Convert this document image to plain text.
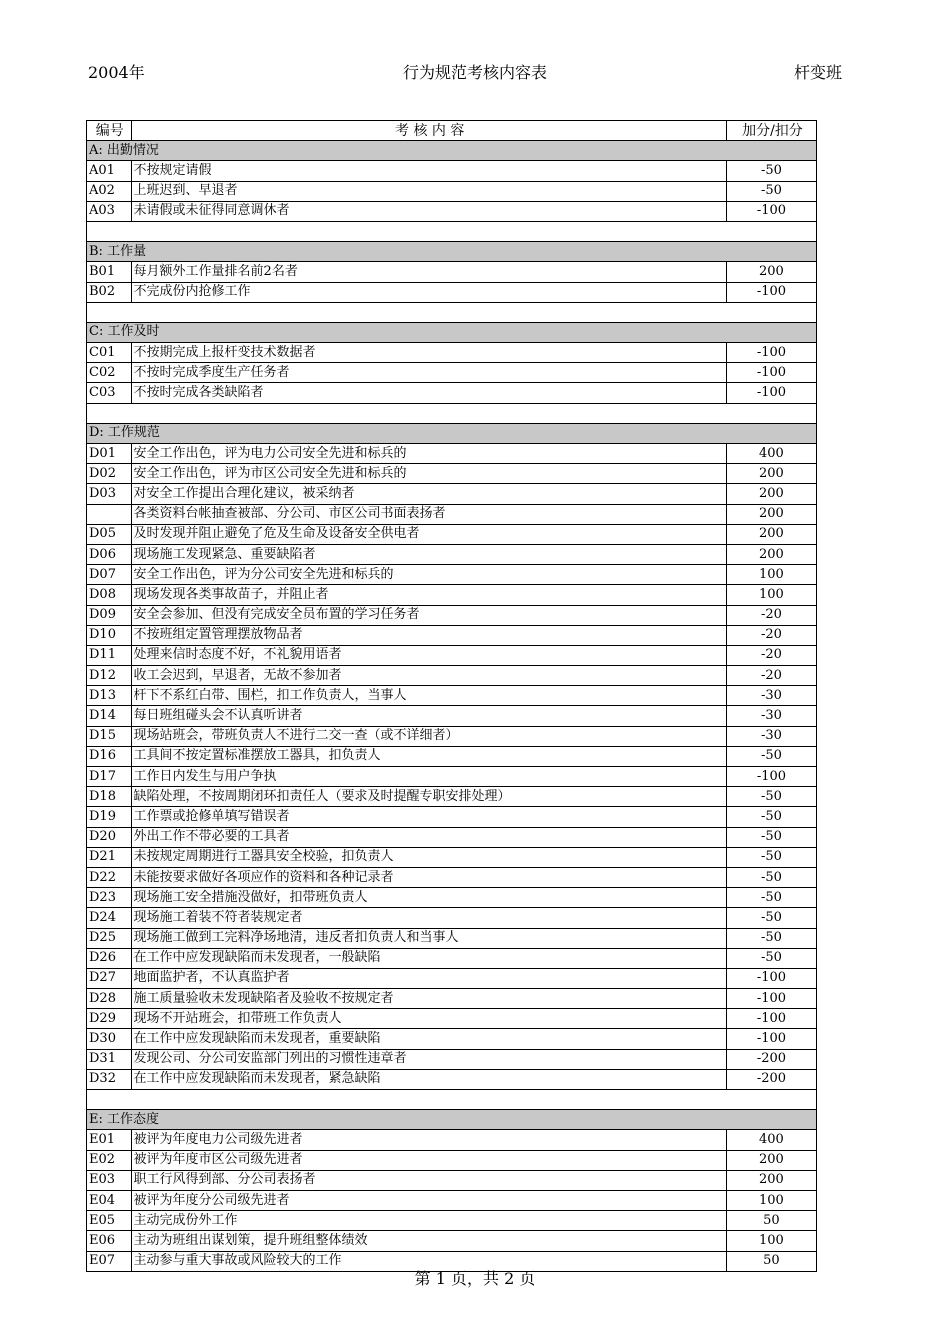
2004年	行为规范考核内容表	杆变班
编号	考 核 内 容	加分/扣分
A: 出勤情况		
A01	不按规定请假	-50
A02	上班迟到、早退者	-50
A03	未请假或未征得同意调休者	-100

B: 工作量		
B01	每月额外工作量排名前2名者	200
B02	不完成份内抢修工作	-100

C: 工作及时		
C01	不按期完成上报杆变技术数据者	-100
C02	不按时完成季度生产任务者	-100
C03	不按时完成各类缺陷者	-100

D: 工作规范		
D01	安全工作出色，评为电力公司安全先进和标兵的	400
D02	安全工作出色，评为市区公司安全先进和标兵的	200
D03	对安全工作提出合理化建议，被采纳者	200
	各类资料台帐抽查被部、分公司、市区公司书面表扬者	200
D05	及时发现并阻止避免了危及生命及设备安全供电者	200
D06	现场施工发现紧急、重要缺陷者	200
D07	安全工作出色，评为分公司安全先进和标兵的	100
D08	现场发现各类事故苗子，并阻止者	100
D09	安全会参加、但没有完成安全员布置的学习任务者	-20
D10	不按班组定置管理摆放物品者	-20
D11	处理来信时态度不好，不礼貌用语者	-20
D12	收工会迟到，早退者，无故不参加者	-20
D13	杆下不系红白带、围栏，扣工作负责人，当事人	-30
D14	每日班组碰头会不认真听讲者	-30
D15	现场站班会，带班负责人不进行二交一查（或不详细者）	-30
D16	工具间不按定置标准摆放工器具，扣负责人	-50
D17	工作日内发生与用户争执	-100
D18	缺陷处理，不按周期闭环扣责任人（要求及时提醒专职安排处理）	-50
D19	工作票或抢修单填写错误者	-50
D20	外出工作不带必要的工具者	-50
D21	未按规定周期进行工器具安全校验，扣负责人	-50
D22	未能按要求做好各项应作的资料和各种记录者	-50
D23	现场施工安全措施没做好，扣带班负责人	-50
D24	现场施工着装不符者装规定者	-50
D25	现场施工做到工完料净场地清，违反者扣负责人和当事人	-50
D26	在工作中应发现缺陷而未发现者，一般缺陷	-50
D27	地面监护者，不认真监护者	-100
D28	施工质量验收未发现缺陷者及验收不按规定者	-100
D29	现场不开站班会，扣带班工作负责人	-100
D30	在工作中应发现缺陷而未发现者，重要缺陷	-100
D31	发现公司、分公司安监部门列出的习惯性违章者	-200
D32	在工作中应发现缺陷而未发现者，紧急缺陷	-200

E: 工作态度		
E01	被评为年度电力公司级先进者	400
E02	被评为年度市区公司级先进者	200
E03	职工行风得到部、分公司表扬者	200
E04	被评为年度分公司级先进者	100
E05	主动完成份外工作	50
E06	主动为班组出谋划策，提升班组整体绩效	100
E07	主动参与重大事故或风险较大的工作	50
第 1 页，共 2 页
